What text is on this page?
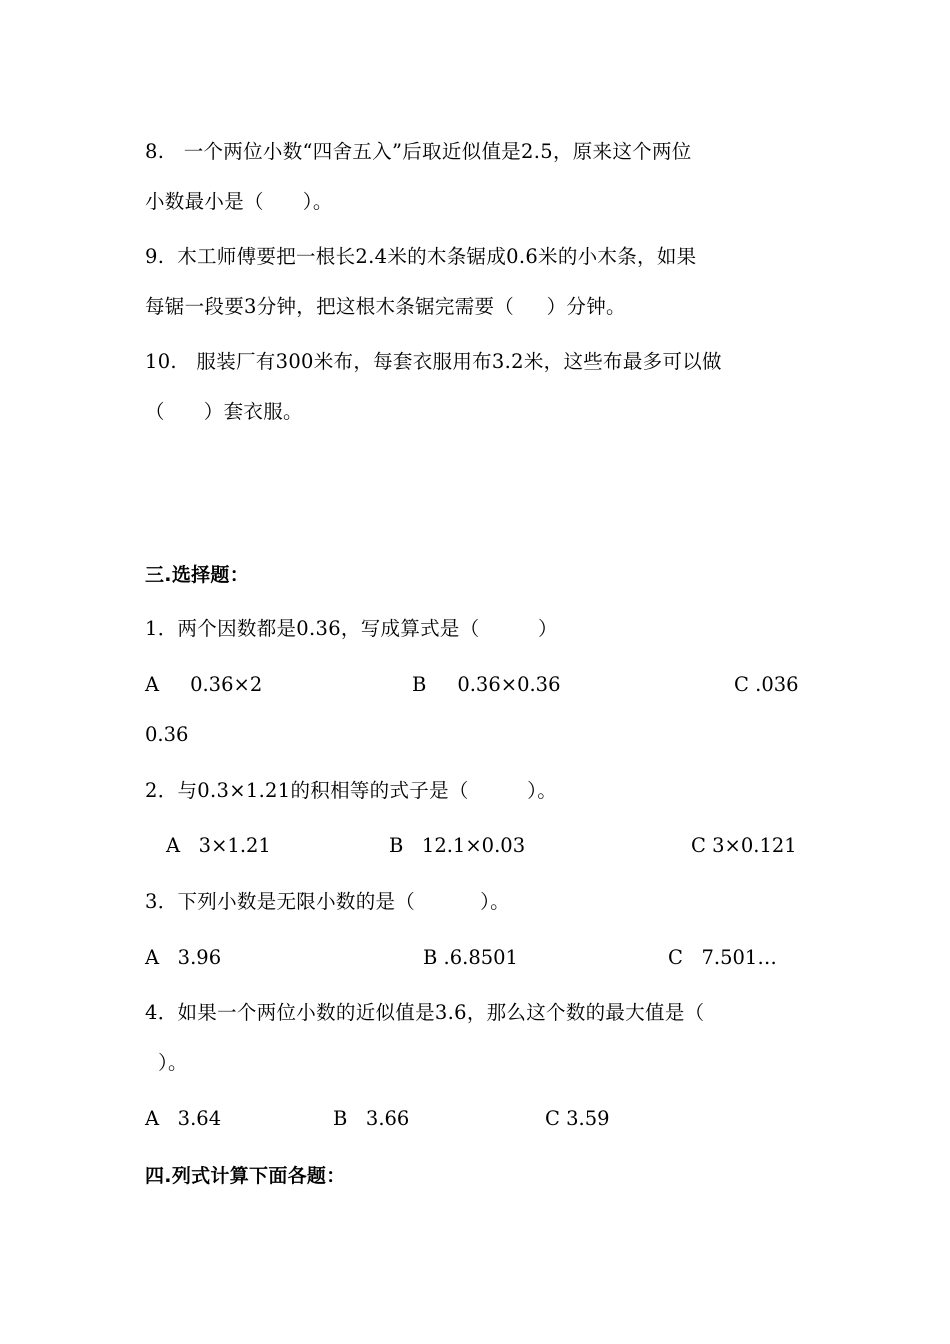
8.   一个两位小数“四舍五入”后取近似值是2.5，原来这个两位
小数最小是（      ）。
9.  木工师傅要把一根长2.4米的木条锯成0.6米的小木条，如果
每锯一段要3分钟，把这根木条锯完需要（     ）分钟。
10.   服装厂有300米布，每套衣服用布3.2米，这些布最多可以做
（      ）套衣服。
三.选择题：
1．两个因数都是0.36，写成算式是（         ）
A     0.36×2	B     0.36×0.36	C .036
0.36
2．与0.3×1.21的积相等的式子是（         ）。
A   3×1.21	B   12.1×0.03	C 3×0.121
3．下列小数是无限小数的是（          ）。
A   3.96	B .6.8501	C   7.501…
4．如果一个两位小数的近似值是3.6，那么这个数的最大值是（
）。
A   3.64	B   3.66	C 3.59
四.列式计算下面各题：
